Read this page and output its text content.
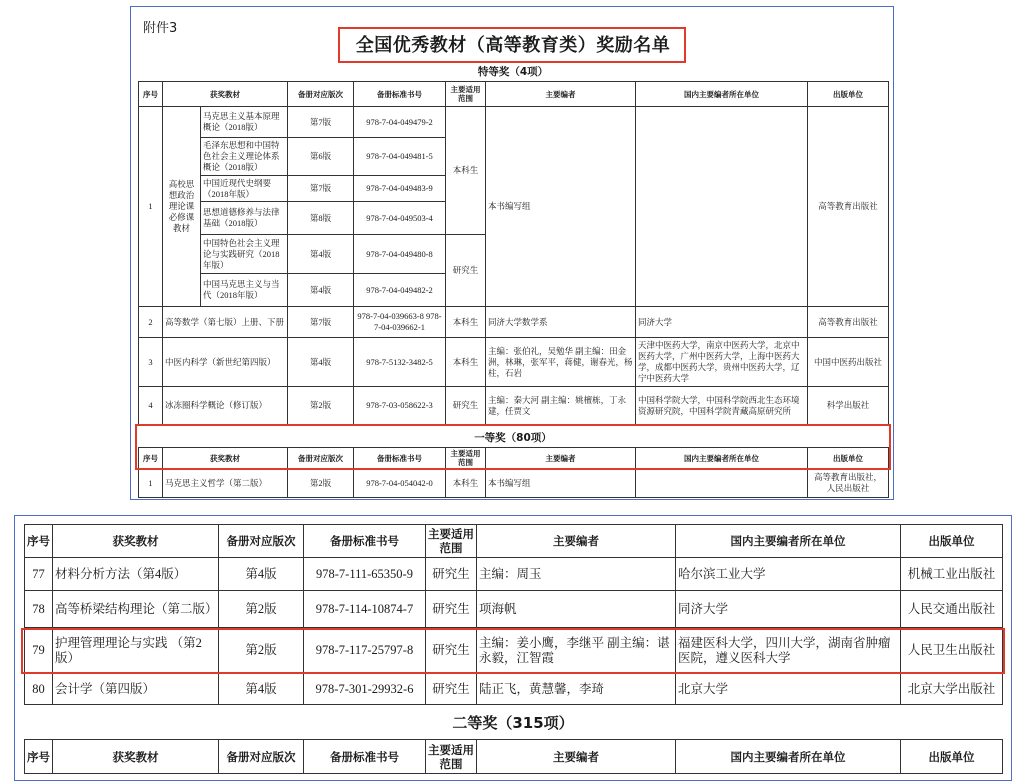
附件3
全国优秀教材（高等教育类）奖励名单
特等奖（4项）
序号	获奖教材		备册对应版次	备册标准书号	主要适用范围	主要编者	国内主要编者所在单位	出版单位
1	高校思想政治理论课必修课教材	马克思主义基本原理概论（2018版）	第7版	978-7-04-049479-2	本科生	本书编写组		高等教育出版社
		毛泽东思想和中国特色社会主义理论体系概论（2018版）	第6版	978-7-04-049481-5				
		中国近现代史纲要（2018年版）	第7版	978-7-04-049483-9				
		思想道德修养与法律基础（2018版）	第8版	978-7-04-049503-4				
		中国特色社会主义理论与实践研究（2018年版）	第4版	978-7-04-049480-8	研究生			
		中国马克思主义与当代（2018年版）	第4版	978-7-04-049482-2				
2	高等数学（第七版）上册、下册		第7版	978-7-04-039663-8 978-7-04-039662-1	本科生	同济大学数学系	同济大学	高等教育出版社
3	中医内科学（新世纪第四版）		第4版	978-7-5132-3482-5	本科生	主编：张伯礼，吴勉华 副主编：田金洲，林琳，张军平，蒋健，谢春光，杨柱，石岩	天津中医药大学，南京中医药大学，北京中医药大学，广州中医药大学，上海中医药大学，成都中医药大学，贵州中医药大学，辽宁中医药大学	中国中医药出版社
4	冰冻圈科学概论（修订版）		第2版	978-7-03-058622-3	研究生	主编：秦大河 副主编：姚檀栋，丁永建，任贾文	中国科学院大学，中国科学院西北生态环境资源研究院，中国科学院青藏高原研究所	科学出版社
一等奖（80项）
序号	获奖教材	备册对应版次	备册标准书号	主要适用范围	主要编者	国内主要编者所在单位	出版单位
1	马克思主义哲学（第二版）	第2版	978-7-04-054042-0	本科生	本书编写组		高等教育出版社，人民出版社
序号	获奖教材	备册对应版次	备册标准书号	主要适用范围	主要编者	国内主要编者所在单位	出版单位
77	材料分析方法（第4版）	第4版	978-7-111-65350-9	研究生	主编：周玉	哈尔滨工业大学	机械工业出版社
78	高等桥梁结构理论（第二版）	第2版	978-7-114-10874-7	研究生	项海帆	同济大学	人民交通出版社
79	护理管理理论与实践 （第2版）	第2版	978-7-117-25797-8	研究生	主编：姜小鹰，李继平 副主编：谌永毅，江智霞	福建医科大学，四川大学，湖南省肿瘤医院，遵义医科大学	人民卫生出版社
80	会计学（第四版）	第4版	978-7-301-29932-6	研究生	陆正飞，黄慧馨，李琦	北京大学	北京大学出版社
二等奖（315项）
序号	获奖教材	备册对应版次	备册标准书号	主要适用范围	主要编者	国内主要编者所在单位	出版单位
